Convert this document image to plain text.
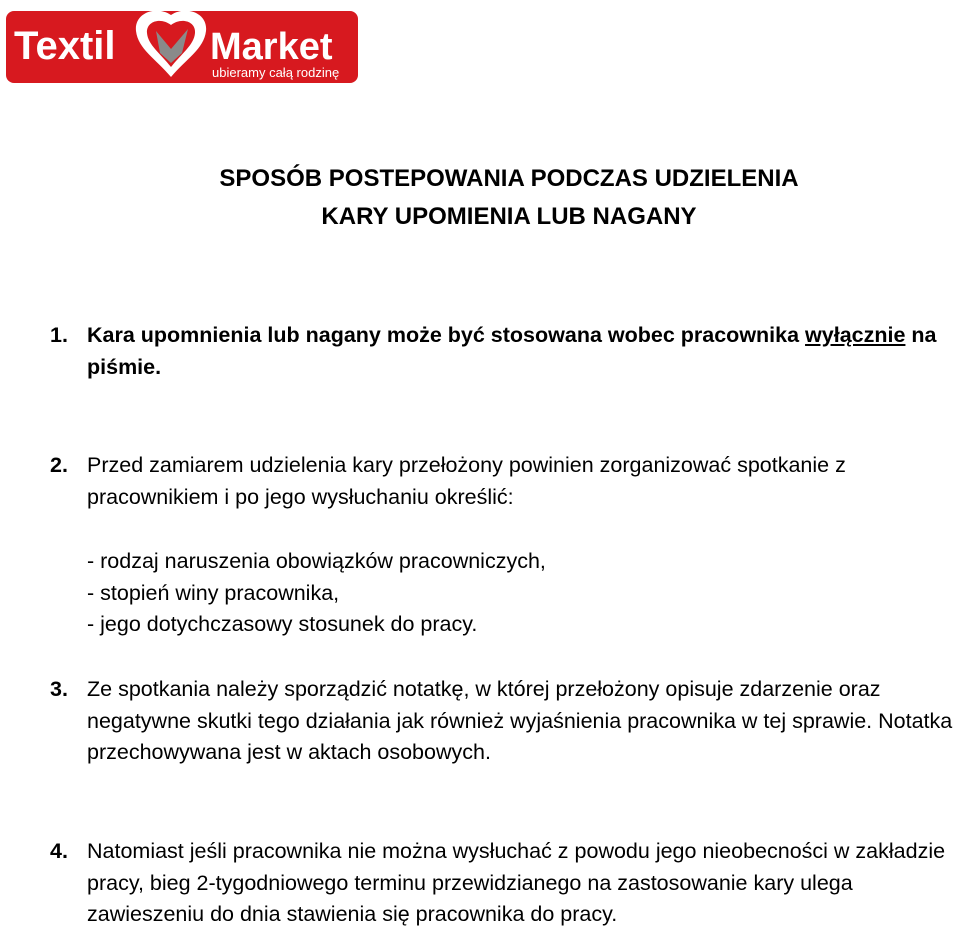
Textil Market
ubieramy całą rodzinę
SPOSÓB POSTEPOWANIA PODCZAS UDZIELENIA
KARY UPOMIENIA LUB NAGANY
1. Kara upomnienia lub nagany może być stosowana wobec pracownika wyłącznie na piśmie.
2. Przed zamiarem udzielenia kary przełożony powinien zorganizować spotkanie z pracownikiem i po jego wysłuchaniu określić:
- rodzaj naruszenia obowiązków pracowniczych,
- stopień winy pracownika,
- jego dotychczasowy stosunek do pracy.
3. Ze spotkania należy sporządzić notatkę, w której przełożony opisuje zdarzenie oraz negatywne skutki tego działania jak również wyjaśnienia pracownika w tej sprawie. Notatka przechowywana jest w aktach osobowych.
4. Natomiast jeśli pracownika nie można wysłuchać z powodu jego nieobecności w zakładzie pracy, bieg 2-tygodniowego terminu przewidzianego na zastosowanie kary ulega zawieszeniu do dnia stawienia się pracownika do pracy.
